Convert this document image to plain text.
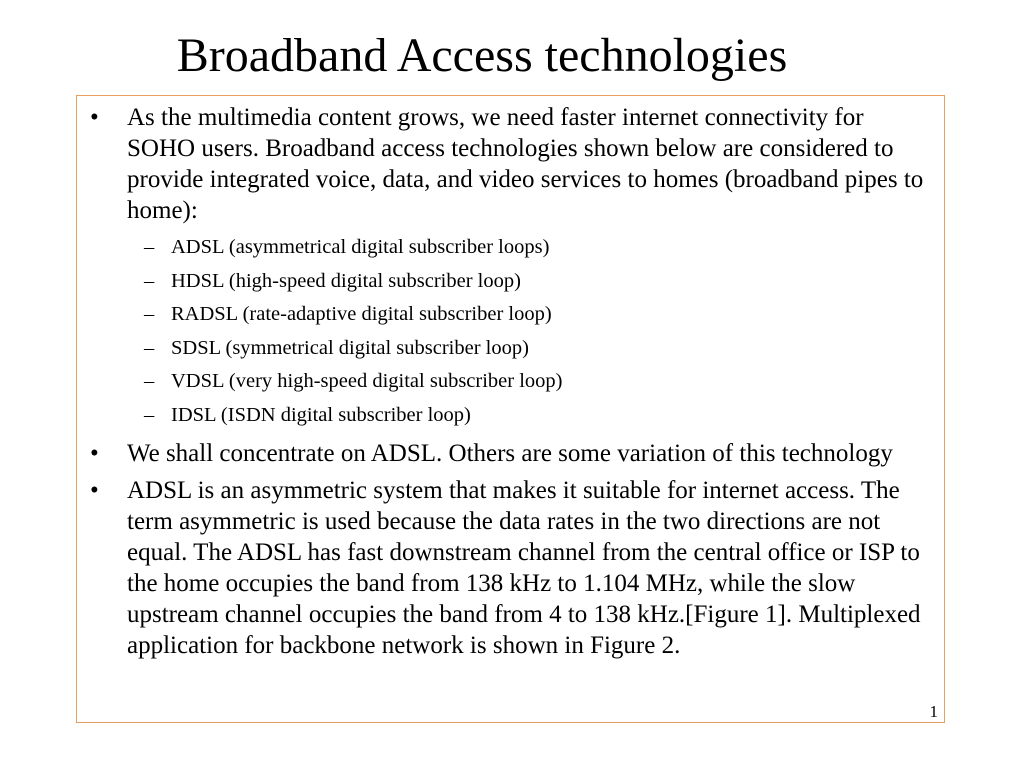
Broadband Access technologies
• As the multimedia content grows, we need faster internet connectivity for SOHO users. Broadband access technologies shown below are considered to provide integrated voice, data, and video services to homes (broadband pipes to home):
– ADSL (asymmetrical digital subscriber loops)
– HDSL (high-speed digital subscriber loop)
– RADSL (rate-adaptive digital subscriber loop)
– SDSL (symmetrical digital subscriber loop)
– VDSL (very high-speed digital subscriber loop)
– IDSL (ISDN digital subscriber loop)
• We shall concentrate on ADSL. Others are some variation of this technology
• ADSL is an asymmetric system that makes it suitable for internet access. The term asymmetric is used because the data rates in the two directions are not equal. The ADSL has fast downstream channel from the central office or ISP to the home occupies the band from 138 kHz to 1.104 MHz, while the slow upstream channel occupies the band from 4 to 138 kHz.[Figure 1]. Multiplexed application for backbone network is shown in Figure 2.
1
